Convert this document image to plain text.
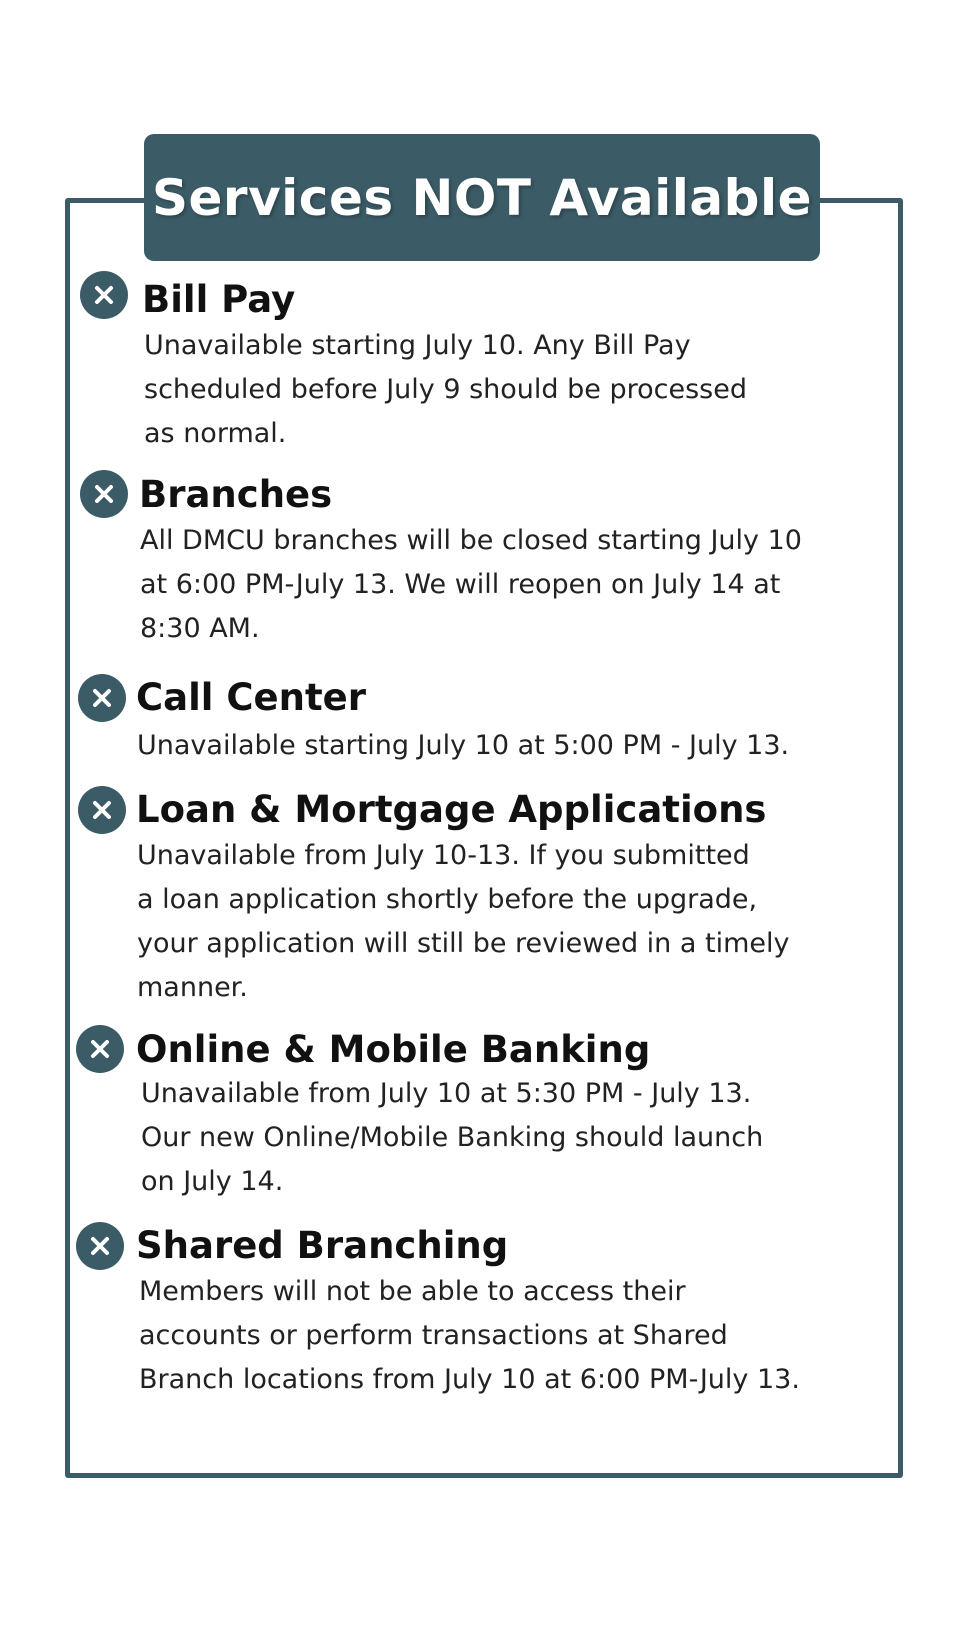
Services NOT Available
Bill Pay
Unavailable starting July 10. Any Bill Pay
scheduled before July 9 should be processed
as normal.
Branches
All DMCU branches will be closed starting July 10
at 6:00 PM-July 13. We will reopen on July 14 at
8:30 AM.
Call Center
Unavailable starting July 10 at 5:00 PM - July 13.
Loan & Mortgage Applications
Unavailable from July 10-13. If you submitted
a loan application shortly before the upgrade,
your application will still be reviewed in a timely
manner.
Online & Mobile Banking
Unavailable from July 10 at 5:30 PM - July 13.
Our new Online/Mobile Banking should launch
on July 14.
Shared Branching
Members will not be able to access their
accounts or perform transactions at Shared
Branch locations from July 10 at 6:00 PM-July 13.
